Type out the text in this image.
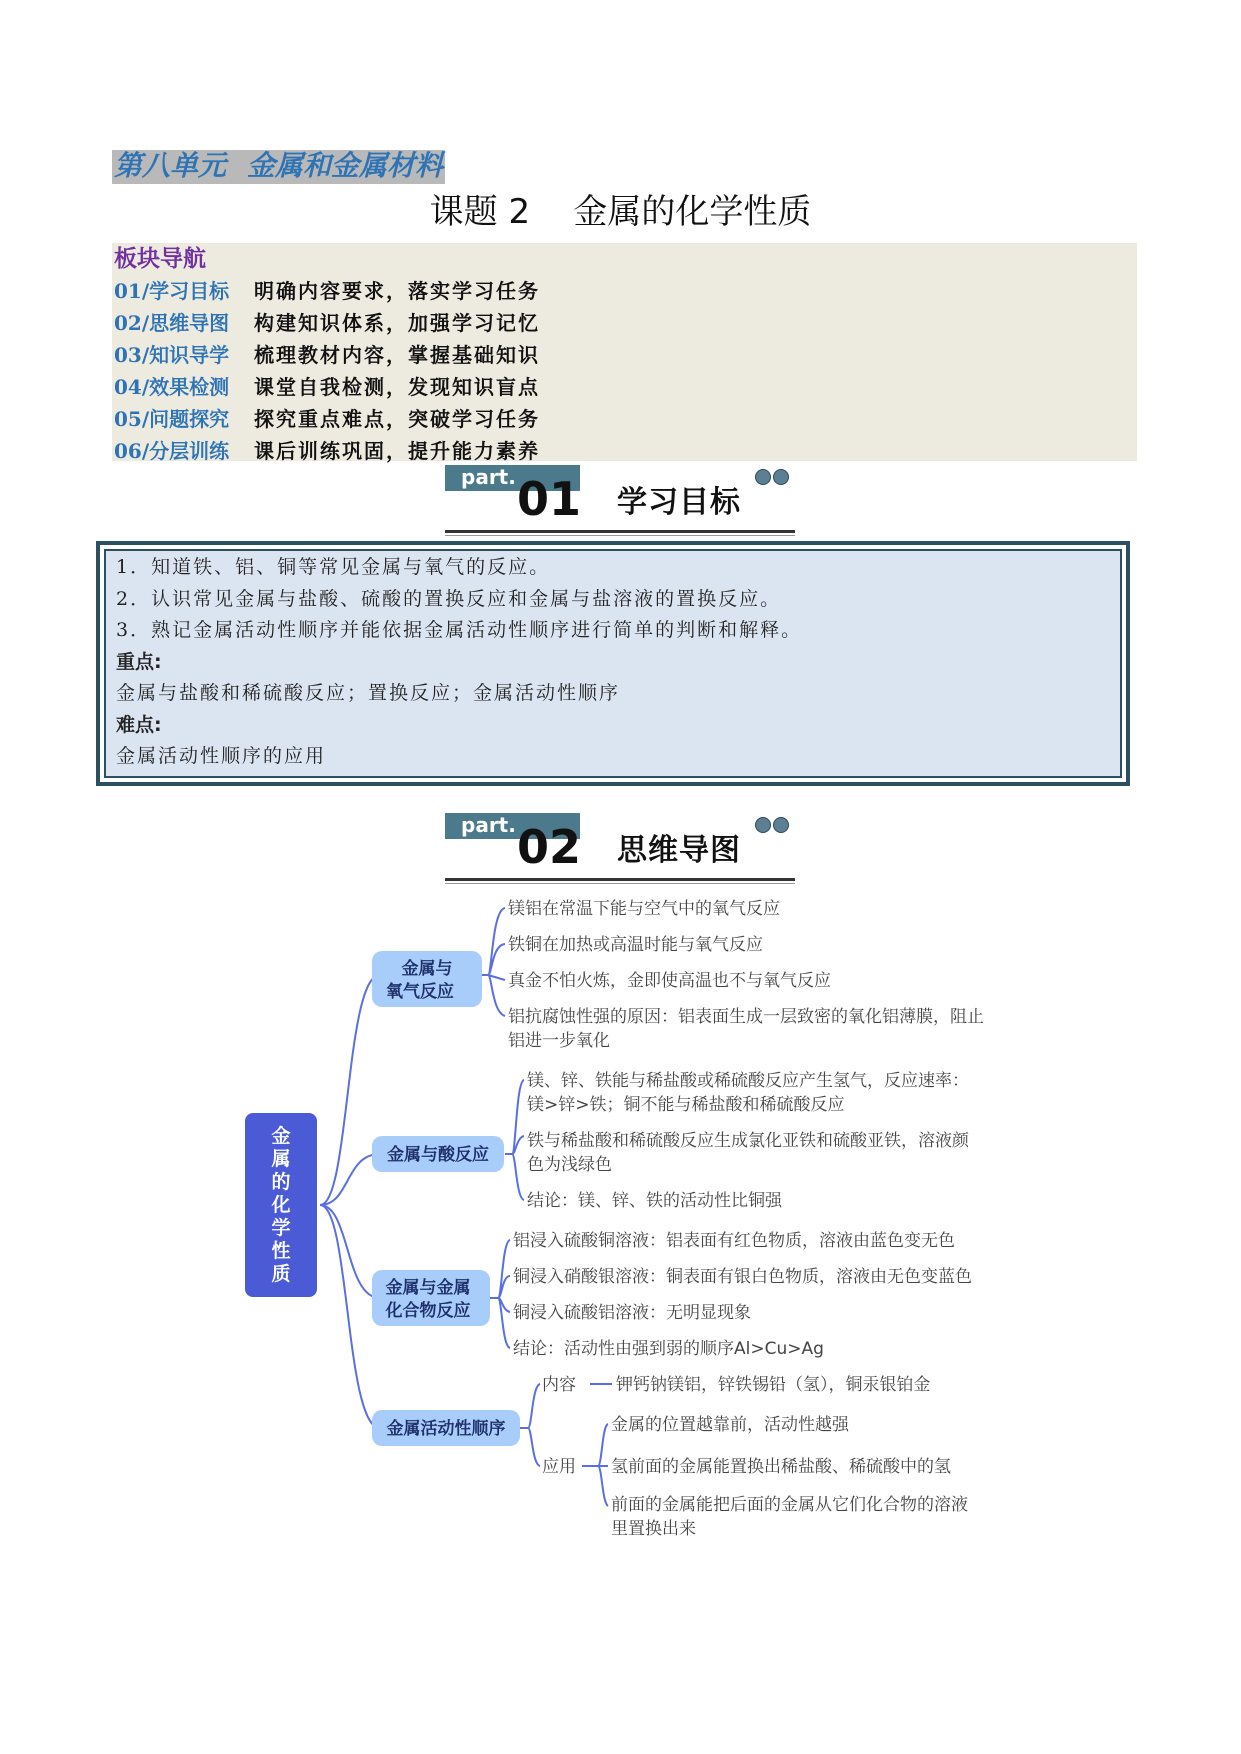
第八单元   金属和金属材料
课题 2    金属的化学性质
板块导航
01/学习目标 明确内容要求，落实学习任务
02/思维导图 构建知识体系，加强学习记忆
03/知识导学 梳理教材内容，掌握基础知识
04/效果检测 课堂自我检测，发现知识盲点
05/问题探究 探究重点难点，突破学习任务
06/分层训练 课后训练巩固，提升能力素养
part. 01 学习目标
1．知道铁、铝、铜等常见金属与氧气的反应。
2．认识常见金属与盐酸、硫酸的置换反应和金属与盐溶液的置换反应。
3．熟记金属活动性顺序并能依据金属活动性顺序进行简单的判断和解释。
重点:
金属与盐酸和稀硫酸反应；置换反应；金属活动性顺序
难点:
金属活动性顺序的应用
part. 02 思维导图
金
属
的
化
学
性
质
金属与
氧气反应
镁铝在常温下能与空气中的氧气反应
铁铜在加热或高温时能与氧气反应
真金不怕火炼，金即使高温也不与氧气反应
铝抗腐蚀性强的原因：铝表面生成一层致密的氧化铝薄膜，阻止
铝进一步氧化
金属与酸反应
镁、锌、铁能与稀盐酸或稀硫酸反应产生氢气，反应速率：
镁>锌>铁；铜不能与稀盐酸和稀硫酸反应
铁与稀盐酸和稀硫酸反应生成氯化亚铁和硫酸亚铁，溶液颜
色为浅绿色
结论：镁、锌、铁的活动性比铜强
金属与金属
化合物反应
铝浸入硫酸铜溶液：铝表面有红色物质，溶液由蓝色变无色
铜浸入硝酸银溶液：铜表面有银白色物质，溶液由无色变蓝色
铜浸入硫酸铝溶液：无明显现象
结论：活动性由强到弱的顺序Al>Cu>Ag
金属活动性顺序
内容 钾钙钠镁铝，锌铁锡铅（氢），铜汞银铂金
应用
金属的位置越靠前，活动性越强
氢前面的金属能置换出稀盐酸、稀硫酸中的氢
前面的金属能把后面的金属从它们化合物的溶液
里置换出来
